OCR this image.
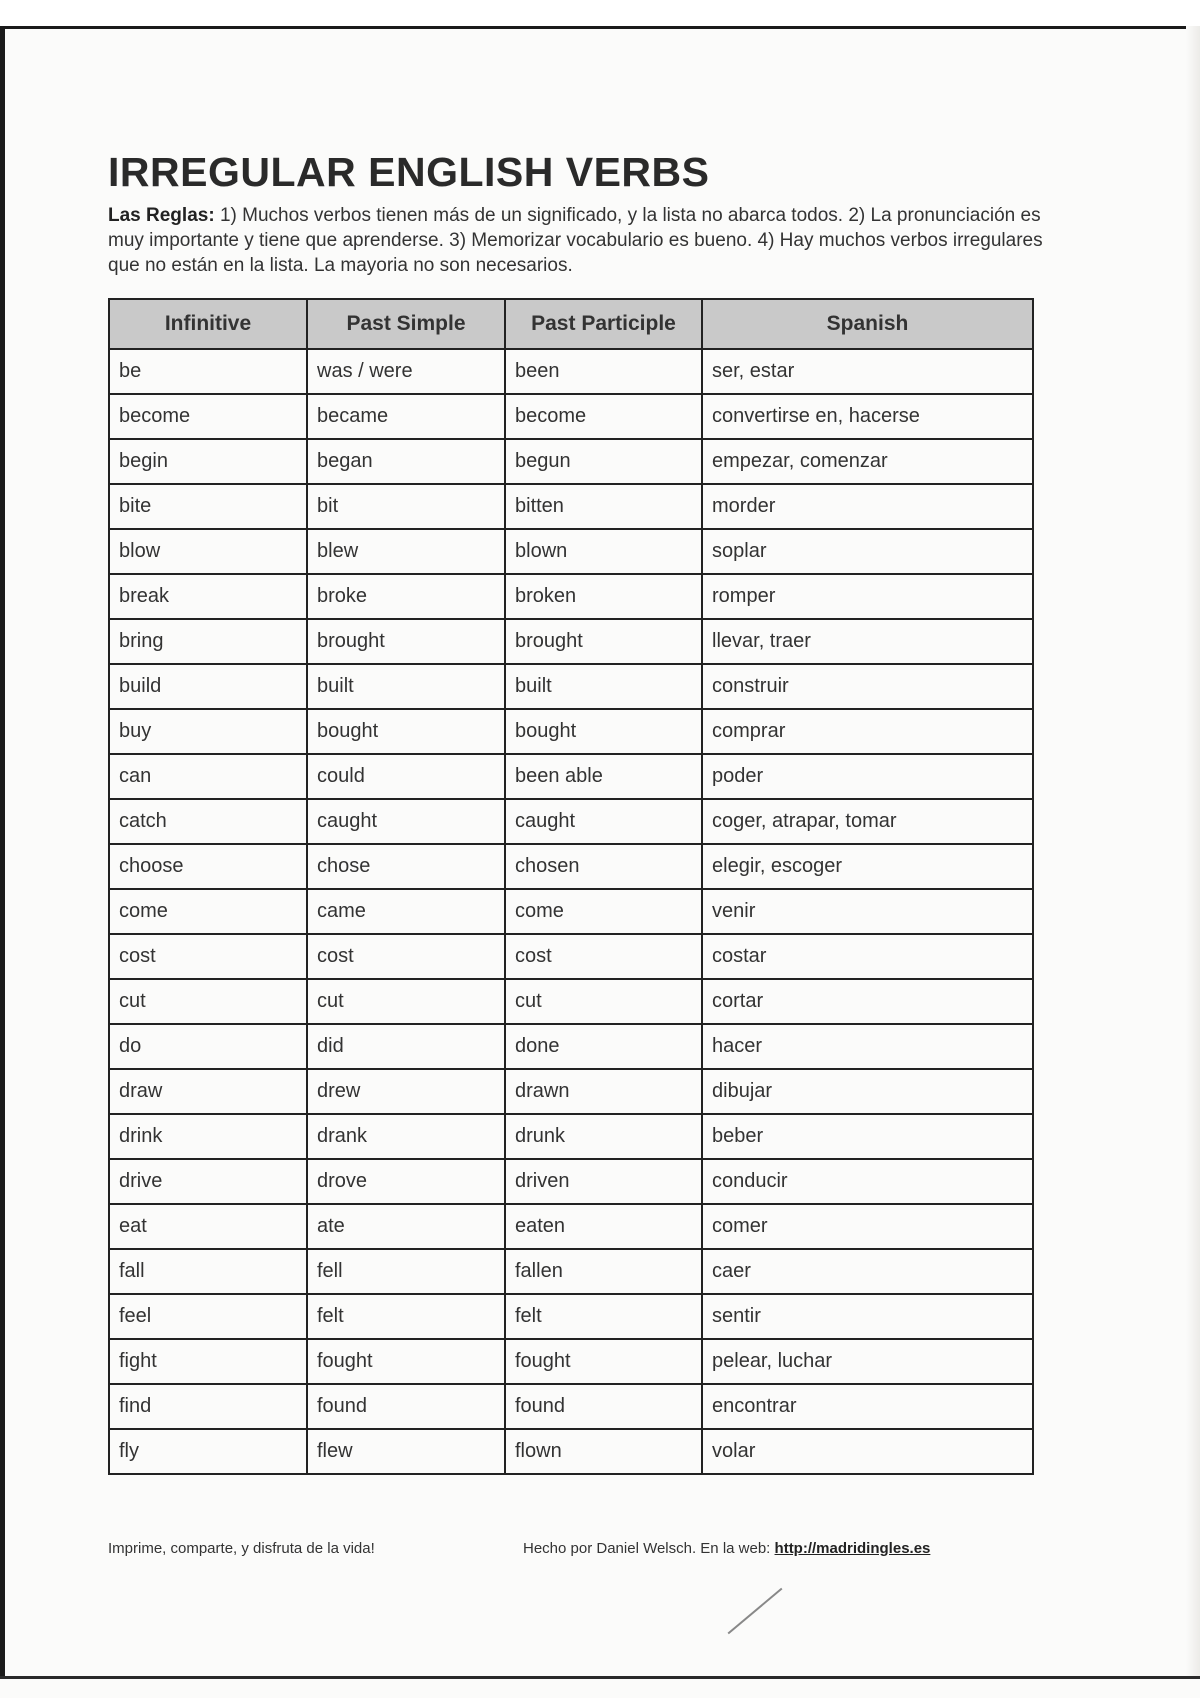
IRREGULAR ENGLISH VERBS
Las Reglas: 1) Muchos verbos tienen más de un significado, y la lista no abarca todos. 2) La pronunciación es muy importante y tiene que aprenderse. 3) Memorizar vocabulario es bueno. 4) Hay muchos verbos irregulares que no están en la lista. La mayoria no son necesarios.
Infinitive	Past Simple	Past Participle	Spanish
be	was / were	been	ser, estar
become	became	become	convertirse en, hacerse
begin	began	begun	empezar, comenzar
bite	bit	bitten	morder
blow	blew	blown	soplar
break	broke	broken	romper
bring	brought	brought	llevar, traer
build	built	built	construir
buy	bought	bought	comprar
can	could	been able	poder
catch	caught	caught	coger, atrapar, tomar
choose	chose	chosen	elegir, escoger
come	came	come	venir
cost	cost	cost	costar
cut	cut	cut	cortar
do	did	done	hacer
draw	drew	drawn	dibujar
drink	drank	drunk	beber
drive	drove	driven	conducir
eat	ate	eaten	comer
fall	fell	fallen	caer
feel	felt	felt	sentir
fight	fought	fought	pelear, luchar
find	found	found	encontrar
fly	flew	flown	volar
Imprime, comparte, y disfruta de la vida!	Hecho por Daniel Welsch. En la web: http://madridingles.es
